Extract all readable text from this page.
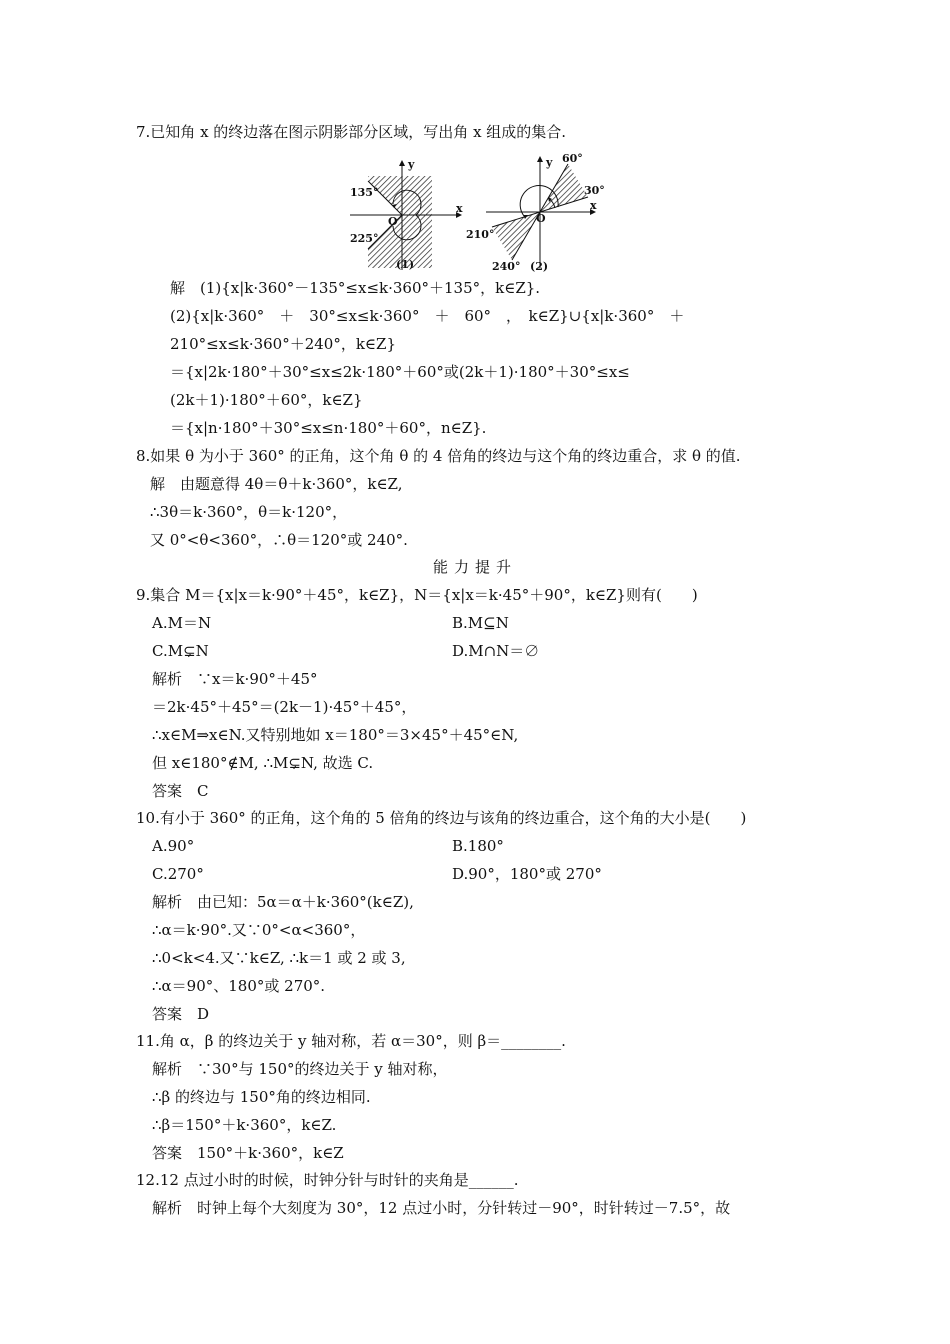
7.已知角 x 的终边落在图示阴影部分区域，写出角 x 组成的集合.
y
x
O
135°
225°
(1)
y
x
O
60°
30°
210°
240° (2)
解　(1){x|k·360°－135°≤x≤k·360°＋135°，k∈Z}.
(2){x|k·360°　＋　30°≤x≤k·360°　＋　60°　，　k∈Z}∪{x|k·360°　＋
210°≤x≤k·360°＋240°，k∈Z}
＝{x|2k·180°＋30°≤x≤2k·180°＋60°或(2k＋1)·180°＋30°≤x≤
(2k＋1)·180°＋60°，k∈Z}
＝{x|n·180°＋30°≤x≤n·180°＋60°，n∈Z}.
8.如果 θ 为小于 360° 的正角，这个角 θ 的 4 倍角的终边与这个角的终边重合，求 θ 的值.
解　由题意得 4θ＝θ＋k·360°，k∈Z,
∴3θ＝k·360°，θ＝k·120°，
又 0°<θ<360°，∴θ＝120°或 240°.
能力提升
9.集合 M＝{x|x＝k·90°＋45°，k∈Z}，N＝{x|x＝k·45°＋90°，k∈Z}则有(　　)
A.M＝N	B.M⊆N
C.M⊊N	D.M∩N＝∅
解析　∵x＝k·90°＋45°
＝2k·45°＋45°＝(2k－1)·45°＋45°，
∴x∈M⇒x∈N.又特别地如 x＝180°＝3×45°＋45°∈N,
但 x∈180°∉M, ∴M⊊N, 故选 C.
答案　C
10.有小于 360° 的正角，这个角的 5 倍角的终边与该角的终边重合，这个角的大小是(　　)
A.90°	B.180°
C.270°	D.90°，180°或 270°
解析　由已知：5α＝α＋k·360°(k∈Z),
∴α＝k·90°.又∵0°<α<360°，
∴0<k<4.又∵k∈Z, ∴k＝1 或 2 或 3,
∴α＝90°、180°或 270°.
答案　D
11.角 α，β 的终边关于 y 轴对称，若 α＝30°，则 β＝________.
解析　∵30°与 150°的终边关于 y 轴对称，
∴β 的终边与 150°角的终边相同.
∴β＝150°＋k·360°，k∈Z.
答案　150°＋k·360°，k∈Z
12.12 点过小时的时候，时钟分针与时针的夹角是______.
解析　时钟上每个大刻度为 30°，12 点过小时，分针转过－90°，时针转过－7.5°，故
